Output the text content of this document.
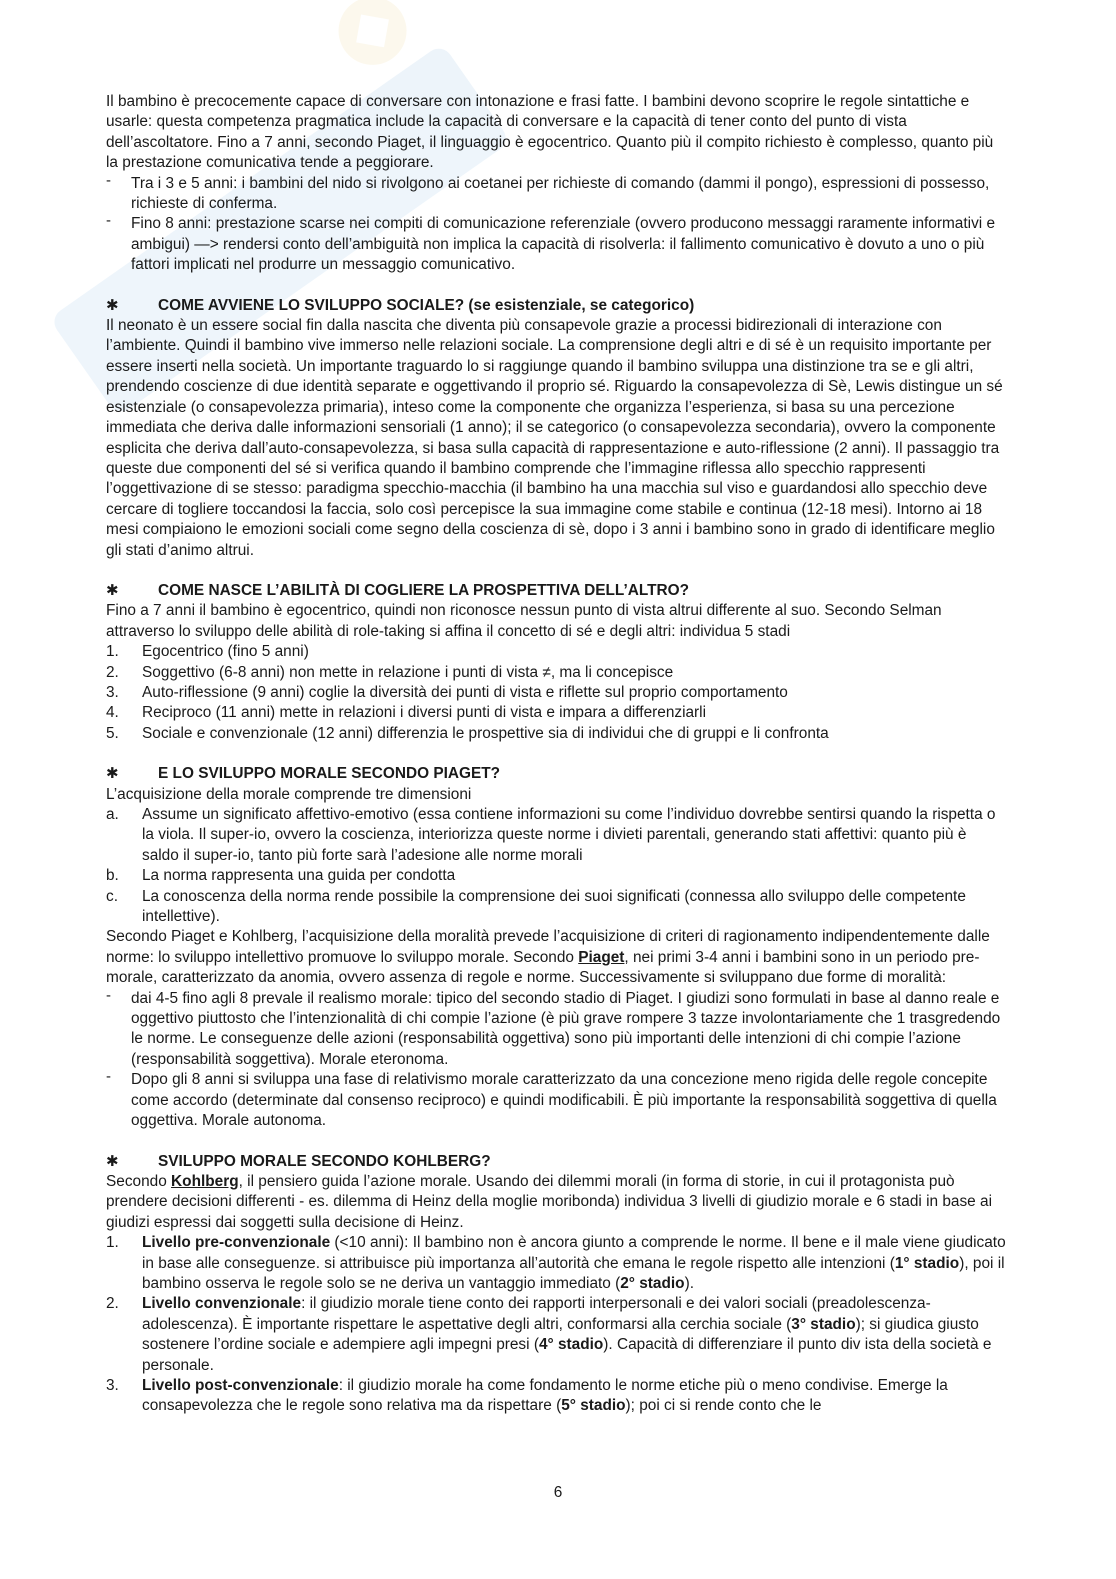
Il bambino è precocemente capace di conversare con intonazione e frasi fatte. I bambini devono scoprire le regole sintattiche e usarle: questa competenza pragmatica include la capacità di conversare e la capacità di tener conto del punto di vista dell’ascoltatore. Fino a 7 anni, secondo Piaget, il linguaggio è egocentrico. Quanto più il compito richiesto è complesso, quanto più la prestazione comunicativa tende a peggiorare.

- Tra i 3 e 5 anni: i bambini del nido si rivolgono ai coetanei per richieste di comando (dammi il pongo), espressioni di possesso, richieste di conferma.
- Fino 8 anni: prestazione scarse nei compiti di comunicazione referenziale (ovvero producono messaggi raramente informativi e ambigui) —> rendersi conto dell’ambiguità non implica la capacità di risolverla: il fallimento comunicativo è dovuto a uno o più fattori implicati nel produrre un messaggio comunicativo.
✱	COME AVVIENE LO SVILUPPO SOCIALE? (se esistenziale, se categorico)

Il neonato è un essere social fin dalla nascita che diventa più consapevole grazie a processi bidirezionali di interazione con l’ambiente. Quindi il bambino vive immerso nelle relazioni sociale. La comprensione degli altri e di sé è un requisito importante per essere inserti nella società. Un importante traguardo lo si raggiunge quando il bambino sviluppa una distinzione tra se e gli altri, prendendo coscienze di due identità separate e oggettivando il proprio sé. Riguardo la consapevolezza di Sè, Lewis distingue un sé esistenziale (o consapevolezza primaria), inteso come la componente che organizza l’esperienza, si basa su una percezione immediata che deriva dalle informazioni sensoriali (1 anno); il se categorico (o consapevolezza secondaria), ovvero la componente esplicita che deriva dall’auto-consapevolezza, si basa sulla capacità di rappresentazione e auto-riflessione (2 anni). Il passaggio tra queste due componenti del sé si verifica quando il bambino comprende che l’immagine riflessa allo specchio rappresenti l’oggettivazione di se stesso: paradigma specchio-macchia (il bambino ha una macchia sul viso e guardandosi allo specchio deve cercare di togliere toccandosi la faccia, solo così percepisce la sua immagine come stabile e continua (12-18 mesi). Intorno ai 18 mesi compiaiono le emozioni sociali come segno della coscienza di sè, dopo i 3 anni i bambino sono in grado di identificare meglio gli stati d’animo altrui.

✱	COME NASCE L’ABILITÀ DI COGLIERE LA PROSPETTIVA DELL’ALTRO?

Fino a 7 anni il bambino è egocentrico, quindi non riconosce nessun punto di vista altrui differente al suo. Secondo Selman attraverso lo sviluppo delle abilità di role-taking si affina il concetto di sé e degli altri: individua 5 stadi

1. Egocentrico (fino 5 anni)
2. Soggettivo (6-8 anni) non mette in relazione i punti di vista ≠, ma li concepisce
3. Auto-riflessione (9 anni) coglie la diversità dei punti di vista e riflette sul proprio comportamento
4. Reciproco (11 anni) mette in relazioni i diversi punti di vista e impara a differenziarli
5. Sociale e convenzionale (12 anni) differenzia le prospettive sia di individui che di gruppi e li confronta
✱	E LO SVILUPPO MORALE SECONDO PIAGET?

L’acquisizione della morale comprende tre dimensioni

a. Assume un significato affettivo-emotivo (essa contiene informazioni su come l’individuo dovrebbe sentirsi quando la rispetta o la viola. Il super-io, ovvero la coscienza, interiorizza queste norme i divieti parentali, generando stati affettivi: quanto più è saldo il super-io, tanto più forte sarà l’adesione alle norme morali
b. La norma rappresenta una guida per condotta
c. La conoscenza della norma rende possibile la comprensione dei suoi significati (connessa allo sviluppo delle competente intellettive).

Secondo Piaget e Kohlberg, l’acquisizione della moralità prevede l’acquisizione di criteri di ragionamento indipendentemente dalle norme: lo sviluppo intellettivo promuove lo sviluppo morale. Secondo Piaget, nei primi 3-4 anni i bambini sono in un periodo pre-morale, caratterizzato da anomia, ovvero assenza di regole e norme. Successivamente si sviluppano due forme di moralità:

- dai 4-5 fino agli 8 prevale il realismo morale: tipico del secondo stadio di Piaget. I giudizi sono formulati in base al danno reale e oggettivo piuttosto che l’intenzionalità di chi compie l’azione (è più grave rompere 3 tazze involontariamente che 1 trasgredendo le norme. Le conseguenze delle azioni (responsabilità oggettiva) sono più importanti delle intenzioni di chi compie l’azione (responsabilità soggettiva). Morale eteronoma.
- Dopo gli 8 anni si sviluppa una fase di relativismo morale caratterizzato da una concezione meno rigida delle regole concepite come accordo (determinate dal consenso reciproco) e quindi modificabili. È più importante la responsabilità soggettiva di quella oggettiva. Morale autonoma.
✱	SVILUPPO MORALE SECONDO KOHLBERG?

Secondo Kohlberg, il pensiero guida l’azione morale. Usando dei dilemmi morali (in forma di storie, in cui il protagonista può prendere decisioni differenti - es. dilemma di Heinz della moglie moribonda) individua 3 livelli di giudizio morale e 6 stadi in base ai giudizi espressi dai soggetti sulla decisione di Heinz.

1. Livello pre-convenzionale (<10 anni): Il bambino non è ancora giunto a comprende le norme. Il bene e il male viene giudicato in base alle conseguenze. si attribuisce più importanza all’autorità che emana le regole rispetto alle intenzioni (1° stadio), poi il bambino osserva le regole solo se ne deriva un vantaggio immediato (2° stadio).
2. Livello convenzionale: il giudizio morale tiene conto dei rapporti interpersonali e dei valori sociali (preadolescenza-adolescenza). È importante rispettare le aspettative degli altri, conformarsi alla cerchia sociale (3° stadio); si giudica giusto sostenere l’ordine sociale e adempiere agli impegni presi (4° stadio). Capacità di differenziare il punto div ista della società e personale.
3. Livello post-convenzionale: il giudizio morale ha come fondamento le norme etiche più o meno condivise. Emerge la consapevolezza che le regole sono relativa ma da rispettare (5° stadio); poi ci si rende conto che le
6
